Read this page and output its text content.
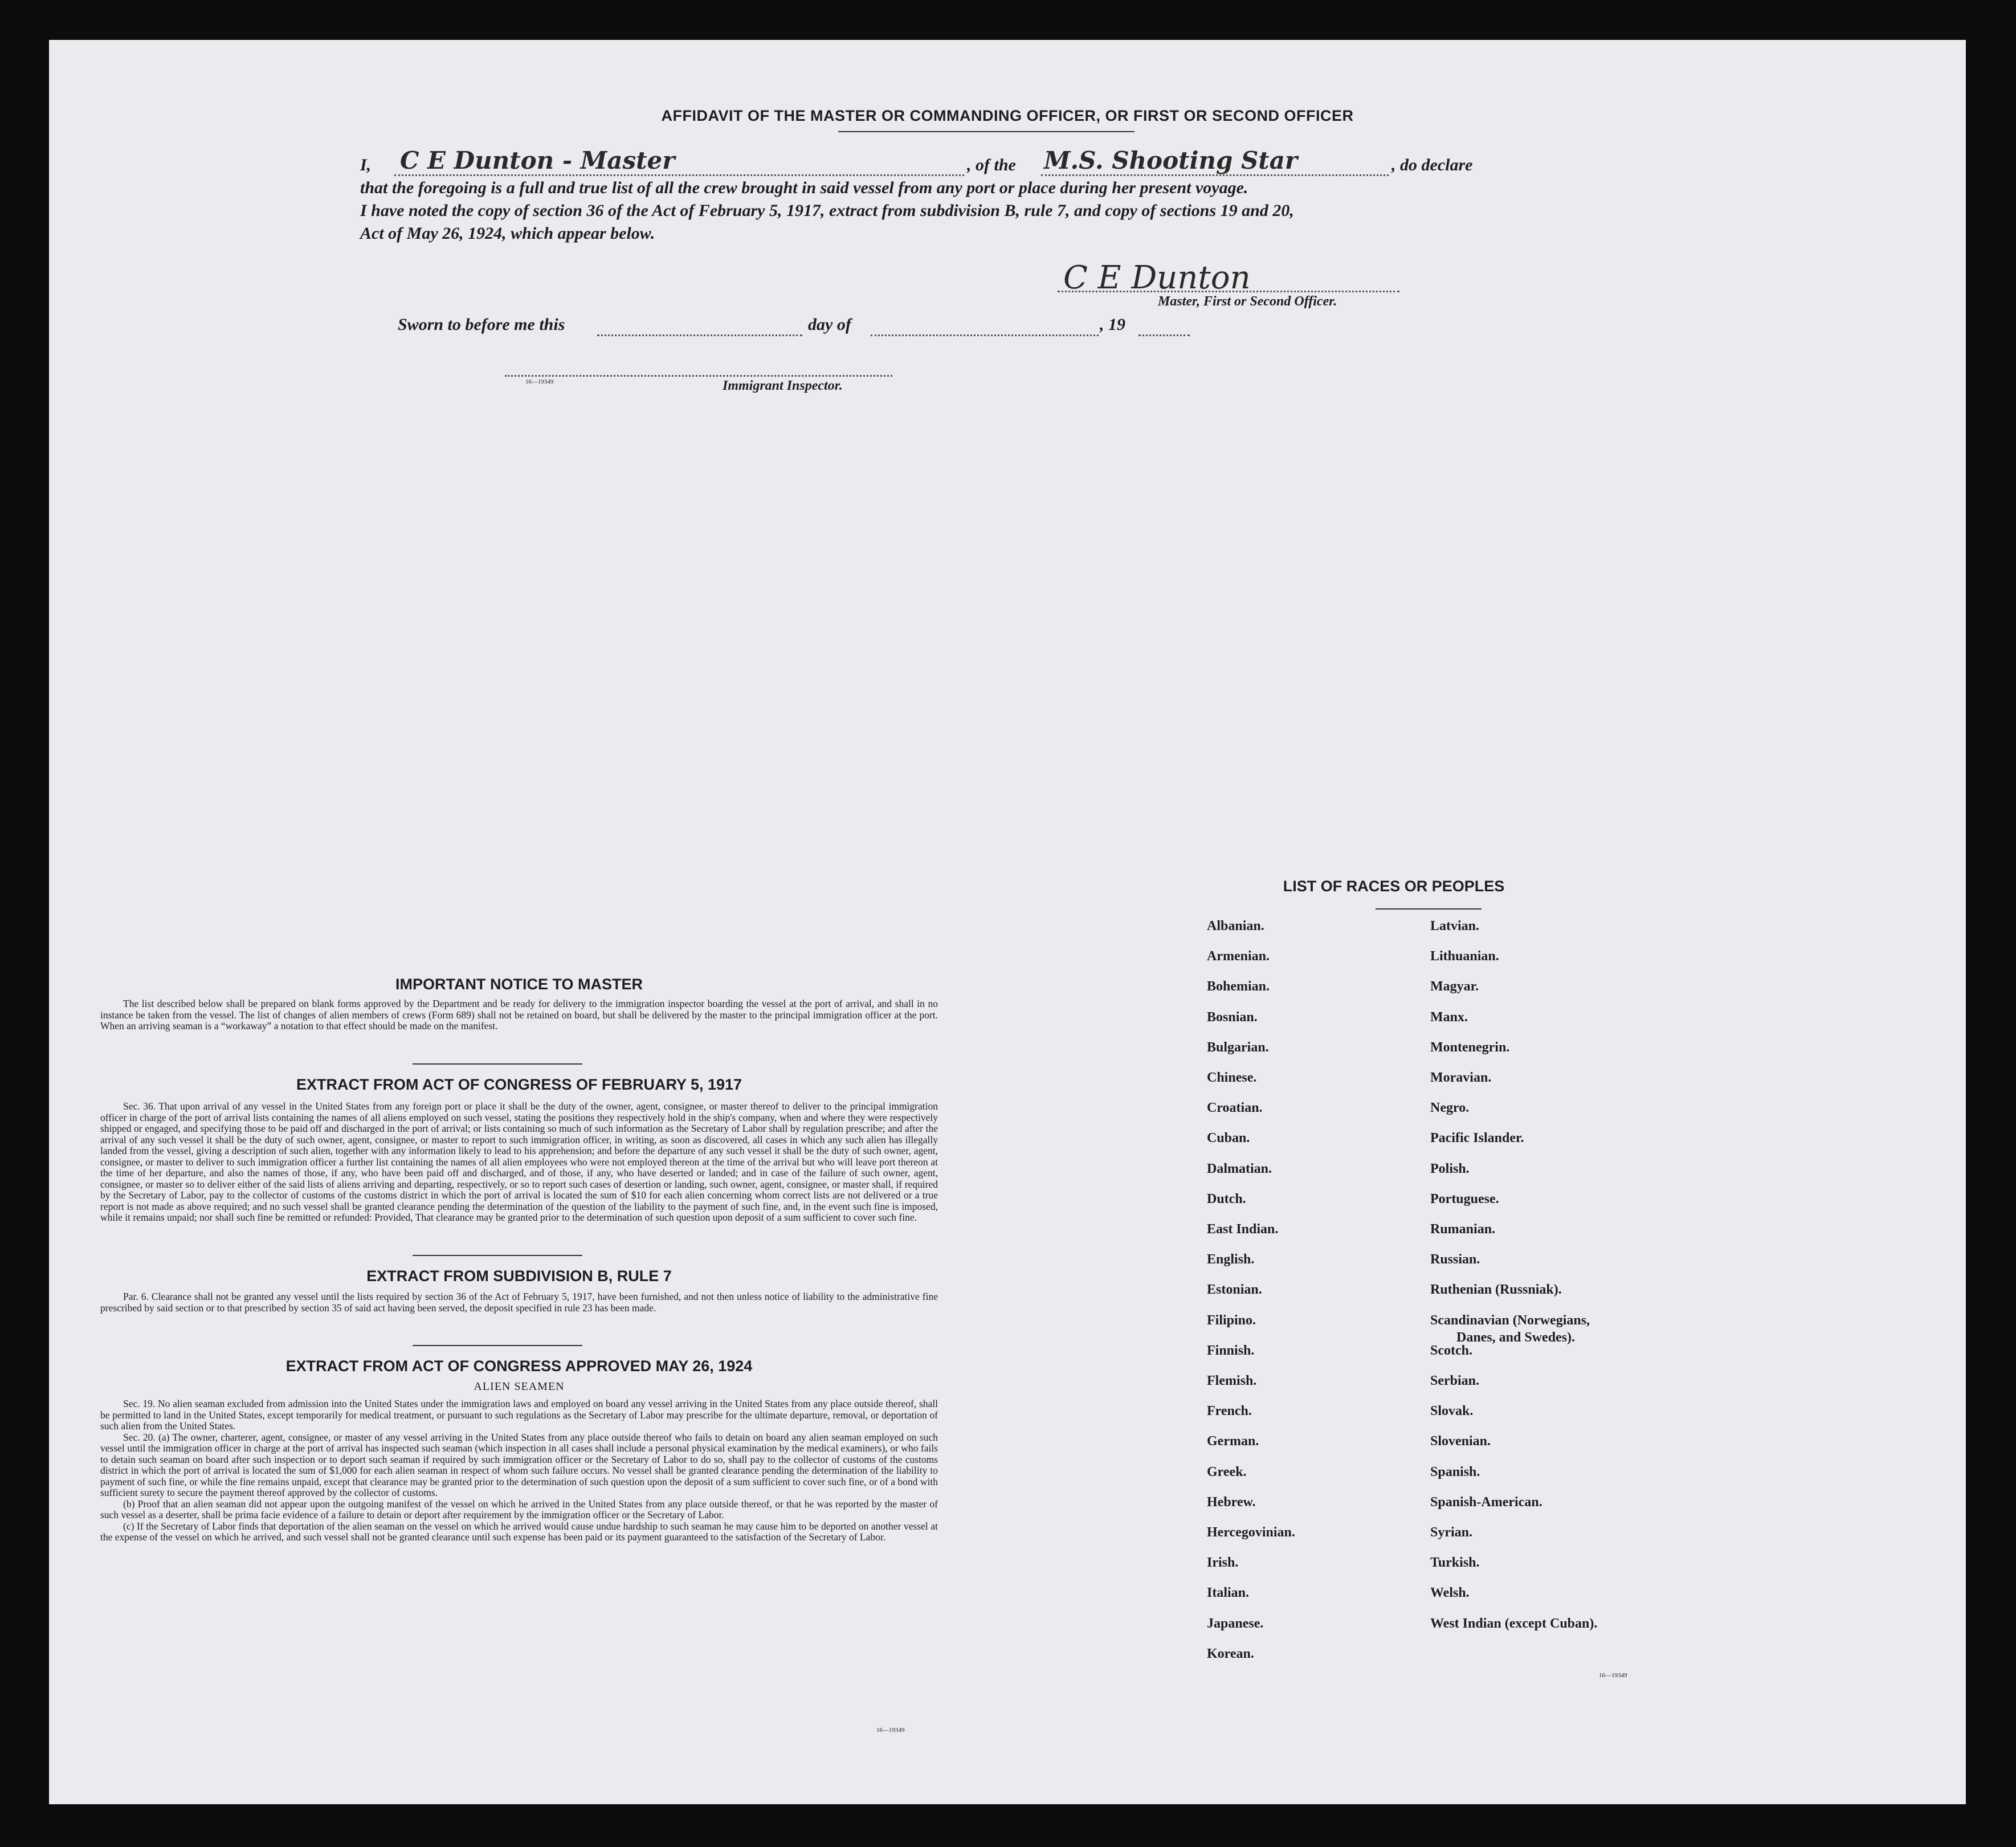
AFFIDAVIT OF THE MASTER OR COMMANDING OFFICER, OR FIRST OR SECOND OFFICER

I, C E Dunton - Master	, of the M.S. Shooting Star	, do declare

that the foregoing is a full and true list of all the crew brought in said vessel from any port or place during her present voyage.

I have noted the copy of section 36 of the Act of February 5, 1917, extract from subdivision B, rule 7, and copy of sections 19 and 20,

Act of May 26, 1924, which appear below.

C E Dunton
Master, First or Second Officer.
Sworn to before me this	day of	, 19
16—19349	Immigrant Inspector.
IMPORTANT NOTICE TO MASTER

The list described below shall be prepared on blank forms approved by the Department and be ready for delivery to the immigration inspector boarding the vessel at the port of arrival, and shall in no instance be taken from the vessel. The list of changes of alien members of crews (Form 689) shall not be retained on board, but shall be delivered by the master to the principal immigration officer at the port. When an arriving seaman is a “workaway” a notation to that effect should be made on the manifest.

EXTRACT FROM ACT OF CONGRESS OF FEBRUARY 5, 1917

Sec. 36. That upon arrival of any vessel in the United States from any foreign port or place it shall be the duty of the owner, agent, consignee, or master thereof to deliver to the principal immigration officer in charge of the port of arrival lists containing the names of all aliens employed on such vessel, stating the positions they respectively hold in the ship's company, when and where they were respectively shipped or engaged, and specifying those to be paid off and discharged in the port of arrival; or lists containing so much of such information as the Secretary of Labor shall by regulation prescribe; and after the arrival of any such vessel it shall be the duty of such owner, agent, consignee, or master to report to such immigration officer, in writing, as soon as discovered, all cases in which any such alien has illegally landed from the vessel, giving a description of such alien, together with any information likely to lead to his apprehension; and before the departure of any such vessel it shall be the duty of such owner, agent, consignee, or master to deliver to such immigration officer a further list containing the names of all alien employees who were not employed thereon at the time of the arrival but who will leave port thereon at the time of her departure, and also the names of those, if any, who have been paid off and discharged, and of those, if any, who have deserted or landed; and in case of the failure of such owner, agent, consignee, or master so to deliver either of the said lists of aliens arriving and departing, respectively, or so to report such cases of desertion or landing, such owner, agent, consignee, or master shall, if required by the Secretary of Labor, pay to the collector of customs of the customs district in which the port of arrival is located the sum of $10 for each alien concerning whom correct lists are not delivered or a true report is not made as above required; and no such vessel shall be granted clearance pending the determination of the question of the liability to the payment of such fine, and, in the event such fine is imposed, while it remains unpaid; nor shall such fine be remitted or refunded: Provided, That clearance may be granted prior to the determination of such question upon deposit of a sum sufficient to cover such fine.

EXTRACT FROM SUBDIVISION B, RULE 7

Par. 6. Clearance shall not be granted any vessel until the lists required by section 36 of the Act of February 5, 1917, have been furnished, and not then unless notice of liability to the administrative fine prescribed by said section or to that prescribed by section 35 of said act having been served, the deposit specified in rule 23 has been made.

EXTRACT FROM ACT OF CONGRESS APPROVED MAY 26, 1924
ALIEN SEAMEN

Sec. 19. No alien seaman excluded from admission into the United States under the immigration laws and employed on board any vessel arriving in the United States from any place outside thereof, shall be permitted to land in the United States, except temporarily for medical treatment, or pursuant to such regulations as the Secretary of Labor may prescribe for the ultimate departure, removal, or deportation of such alien from the United States.

Sec. 20. (a) The owner, charterer, agent, consignee, or master of any vessel arriving in the United States from any place outside thereof who fails to detain on board any alien seaman employed on such vessel until the immigration officer in charge at the port of arrival has inspected such seaman (which inspection in all cases shall include a personal physical examination by the medical examiners), or who fails to detain such seaman on board after such inspection or to deport such seaman if required by such immigration officer or the Secretary of Labor to do so, shall pay to the collector of customs of the customs district in which the port of arrival is located the sum of $1,000 for each alien seaman in respect of whom such failure occurs. No vessel shall be granted clearance pending the determination of the liability to payment of such fine, or while the fine remains unpaid, except that clearance may be granted prior to the determination of such question upon the deposit of a sum sufficient to cover such fine, or of a bond with sufficient surety to secure the payment thereof approved by the collector of customs.

(b) Proof that an alien seaman did not appear upon the outgoing manifest of the vessel on which he arrived in the United States from any place outside thereof, or that he was reported by the master of such vessel as a deserter, shall be prima facie evidence of a failure to detain or deport after requirement by the immigration officer or the Secretary of Labor.

(c) If the Secretary of Labor finds that deportation of the alien seaman on the vessel on which he arrived would cause undue hardship to such seaman he may cause him to be deported on another vessel at the expense of the vessel on which he arrived, and such vessel shall not be granted clearance until such expense has been paid or its payment guaranteed to the satisfaction of the Secretary of Labor.

16—19349
LIST OF RACES OR PEOPLES
Albanian.
Armenian.
Bohemian.
Bosnian.
Bulgarian.
Chinese.
Croatian.
Cuban.
Dalmatian.
Dutch.
East Indian.
English.
Estonian.
Filipino.
Finnish.
Flemish.
French.
German.
Greek.
Hebrew.
Hercegovinian.
Irish.
Italian.
Japanese.
Korean.
Latvian.
Lithuanian.
Magyar.
Manx.
Montenegrin.
Moravian.
Negro.
Pacific Islander.
Polish.
Portuguese.
Rumanian.
Russian.
Ruthenian (Russniak).
Scandinavian (Norwegians,
Danes, and Swedes).
Scotch.
Serbian.
Slovak.
Slovenian.
Spanish.
Spanish-American.
Syrian.
Turkish.
Welsh.
West Indian (except Cuban).
16—19349
